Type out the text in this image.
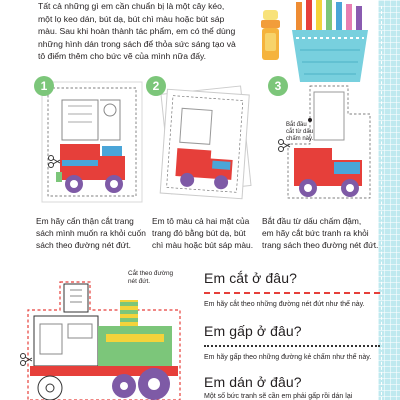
Tất cả những gì em cần chuẩn bị là một cây kéo,
một lọ keo dán, bút dạ, bút chì màu hoặc bút sáp
màu. Sau khi hoàn thành tác phẩm, em có thể dùng
những hình dán trong sách để thỏa sức sáng tạo và
tô điểm thêm cho bức vẽ của mình nữa đấy.
1	2	3
Bắt đầu
cắt từ dấu
chấm này.
Em hãy cẩn thận cắt trang
sách mình muốn ra khỏi cuốn
sách theo đường nét đứt.
Em tô màu cả hai mặt của
trang đó bằng bút dạ, bút
chì màu hoặc bút sáp màu.
Bắt đầu từ dấu chấm đậm,
em hãy cắt bức tranh ra khỏi
trang sách theo đường nét đứt.
Cắt theo đường
nét đứt.	Em cắt ở đâu?
Em hãy cắt theo những đường nét đứt như thế này.
Em gấp ở đâu?
Em hãy gấp theo những đường kẻ chấm như thế này.
Em dán ở đâu?
Một số bức tranh sẽ cần em phải gấp rồi dán lại
